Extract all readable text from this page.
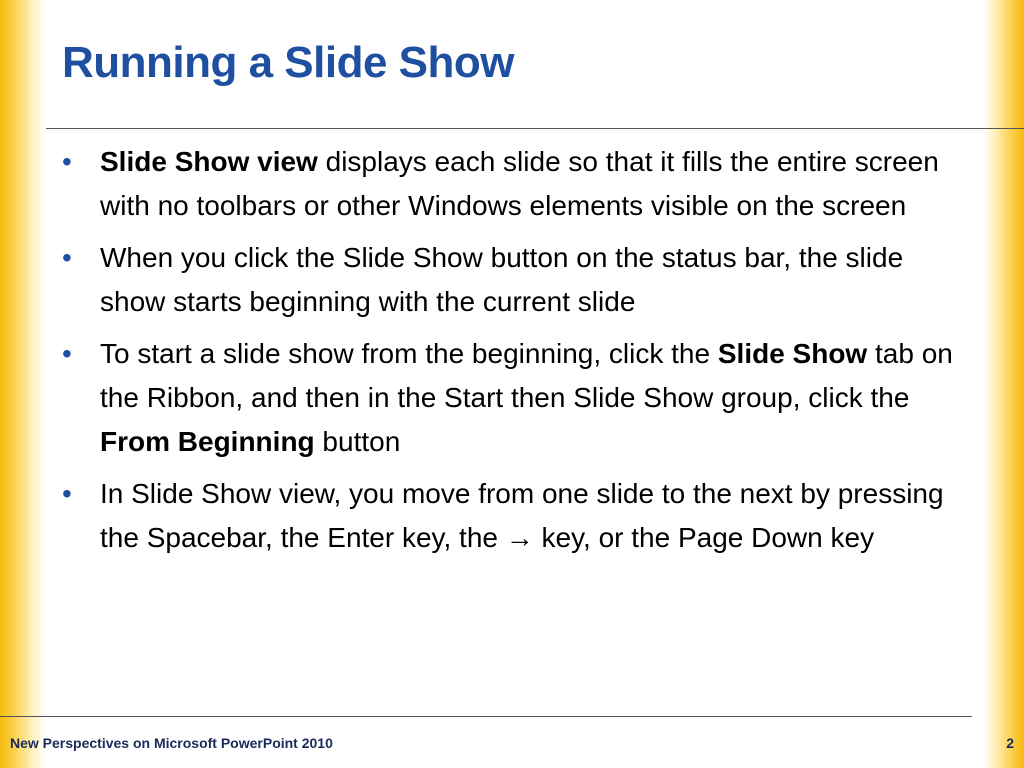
Running a Slide Show
• Slide Show view displays each slide so that it fills the entire screen with no toolbars or other Windows elements visible on the screen
• When you click the Slide Show button on the status bar, the slide show starts beginning with the current slide
• To start a slide show from the beginning, click the Slide Show tab on the Ribbon, and then in the Start then Slide Show group, click the From Beginning button
• In Slide Show view, you move from one slide to the next by pressing the Spacebar, the Enter key, the → key, or the Page Down key
New Perspectives on Microsoft PowerPoint 2010	2
